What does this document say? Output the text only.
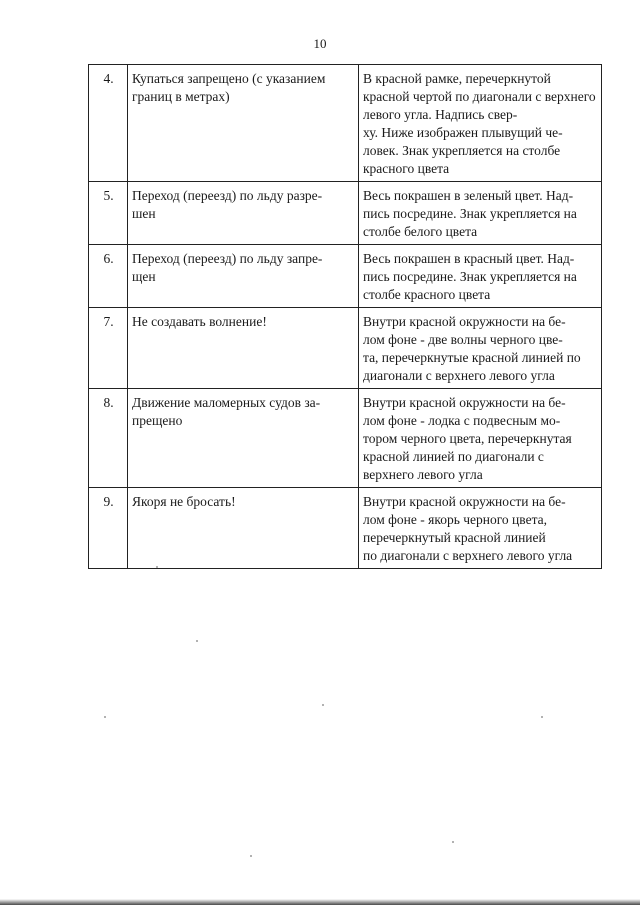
10
4.	Купаться запрещено (с указанием границ в метрах)	В красной рамке, перечеркнутой красной чертой по диагонали с верхнего левого угла. Надпись свер-
ху. Ниже изображен плывущий че-
ловек. Знак укрепляется на столбе красного цвета
5.	Переход (переезд) по льду разре-
шен	Весь покрашен в зеленый цвет. Над-
пись посредине. Знак укрепляется на столбе белого цвета
6.	Переход (переезд) по льду запре-
щен	Весь покрашен в красный цвет. Над-
пись посредине. Знак укрепляется на столбе красного цвета
7.	Не создавать волнение!	Внутри красной окружности на бе-
лом фоне - две волны черного цве-
та, перечеркнутые красной линией по диагонали с верхнего левого угла
8.	Движение маломерных судов за-
прещено	Внутри красной окружности на бе-
лом фоне - лодка с подвесным мо-
тором черного цвета, перечеркнутая красной линией по диагонали с верхнего левого угла
9.	Якоря не бросать!	Внутри красной окружности на бе-
лом фоне - якорь черного цвета,
перечеркнутый красной линией
по диагонали с верхнего левого угла
